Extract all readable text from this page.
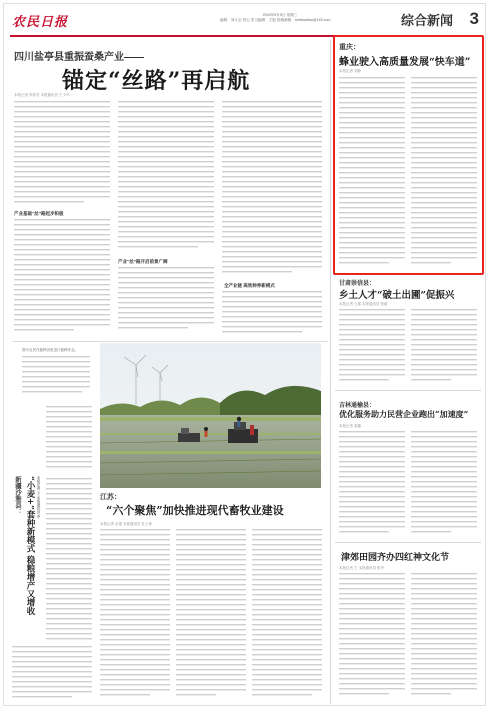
农民日报	2020年9月9日 星期三
编辑：刘大全 刘云 见习编辑：王振 投稿邮箱：rmrbtoutiao@163.com	综合新闻 3
四川盐亭县重振蚕桑产业——
锚定“丝路”再启航
本报记者 李传君 本报通讯员 王少平
产业基础“丝”路起步积极
产业“丝”路开启前景广阔
全产业链 高效种养新模式
重庆：
蜂业驶入高质量发展“快车道”
本报记者 刘静
甘肃崇信县：
乡土人才“破土出圃”促振兴
本报记者 王雄 本报通讯员 张丽
吉林通榆县：
优化服务助力民营企业跑出“加速度”
本报记者 姜鑫
津郊田园齐办四红神文化节
本报记者 王 本报通讯员 张华
图为农民在插秧田里进行插秧作业。
新疆沙雅县： “小麦+”套种新模式 稳粮增产又增收 本报记者 王 本报通讯员 李	江苏：
“六个聚焦”加快推进现代畜牧业建设
本报记者 余建 本报通讯员 杜士珍
